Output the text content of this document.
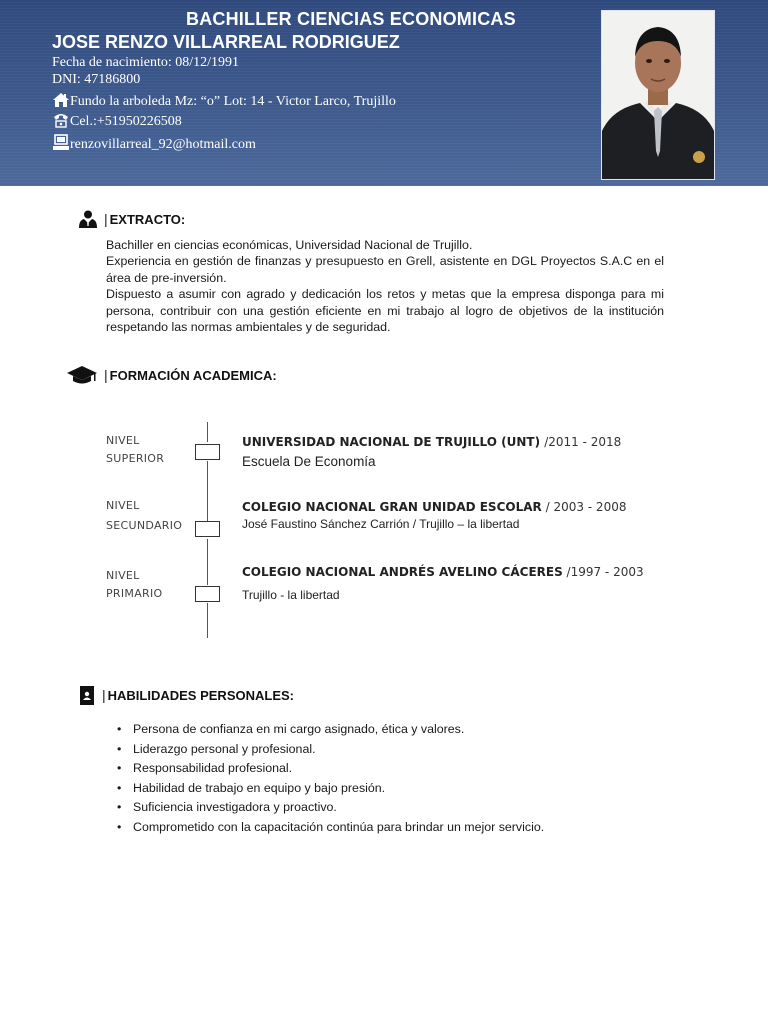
BACHILLER CIENCIAS ECONOMICAS
JOSE RENZO VILLARREAL RODRIGUEZ
Fecha de nacimiento: 08/12/1991
DNI: 47186800
Fundo la arboleda Mz: “o” Lot: 14 - Victor Larco, Trujillo
Cel.:+51950226508
renzovillarreal_92@hotmail.com
| EXTRACTO:

Bachiller en ciencias económicas, Universidad Nacional de Trujillo.

Experiencia en gestión de finanzas y presupuesto en Grell, asistente en DGL Proyectos S.A.C en el área de pre-inversión.

Dispuesto a asumir con agrado y dedicación los retos y metas que la empresa disponga para mi persona, contribuir con una gestión eficiente en mi trabajo al logro de objetivos de la institución respetando las normas ambientales y de seguridad.

| FORMACIÓN ACADEMICA:
NIVEL
SUPERIOR
UNIVERSIDAD NACIONAL DE TRUJILLO (UNT) /2011 - 2018
Escuela De Economía
NIVEL
SECUNDARIO
COLEGIO NACIONAL GRAN UNIDAD ESCOLAR / 2003 - 2008
José Faustino Sánchez Carrión / Trujillo – la libertad
NIVEL
PRIMARIO
COLEGIO NACIONAL ANDRÉS AVELINO CÁCERES /1997 - 2003
Trujillo - la libertad
| HABILIDADES PERSONALES:
• Persona de confianza en mi cargo asignado, ética y valores.
• Liderazgo personal y profesional.
• Responsabilidad profesional.
• Habilidad de trabajo en equipo y bajo presión.
• Suficiencia investigadora y proactivo.
• Comprometido con la capacitación continúa para brindar un mejor servicio.
